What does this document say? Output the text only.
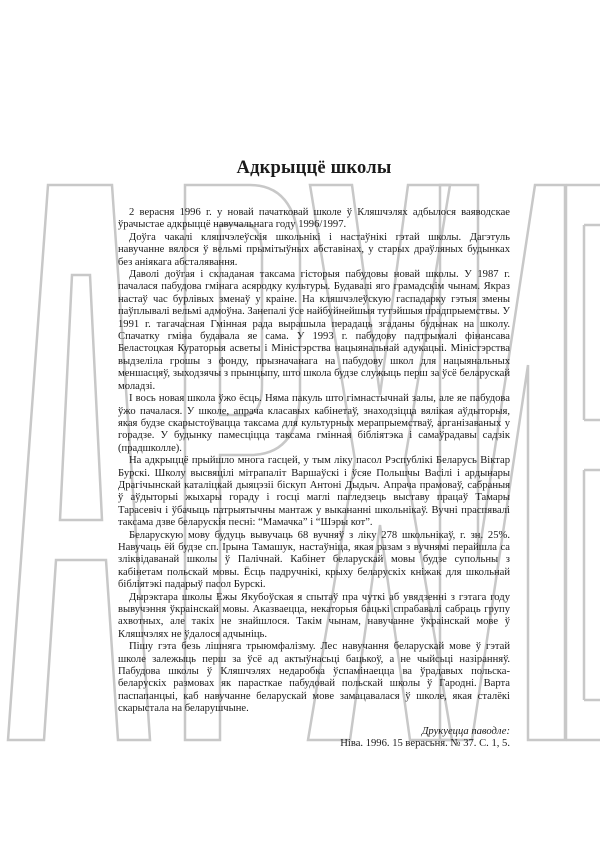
Адкрыццё школы

2 верасня 1996 г. у новай пачатковай школе ў Кляшчэлях адбылося ваяводскае ўрачыстае адкрыццё навучальнага году 1996/1997.

Доўга чакалі кляшчэлеўскія школьнікі і настаўнікі гэтай школы. Дагэтуль навучанне вялося ў вельмі прымітыўных абставінах, у старых драўляных будынках без аніякага абсталявання.

Даволі доўгая і складаная таксама гісторыя пабудовы новай школы. У 1987 г. пачалася пабудова гмінага асяродку культуры. Будавалі яго грамадскім чынам. Якраз настаў час бурлівых зменаў у краіне. На кляшчэлеўскую гаспадарку гэтыя змены паўплывалі вельмі адмоўна. Занепалі ўсе найбуйнейшыя тутэйшыя прадпрыемствы. У 1991 г. тагачасная Гмінная рада вырашыла перадаць згаданы будынак на школу. Спачатку гміна будавала яе сама. У 1993 г. пабудову падтрымалі фінансава Беластоцкая Кураторыя асветы і Міністэрства нацыянальнай адукацыі. Міністэрства выдзеліла грошы з фонду, прызначанага на пабудову школ для нацыянальных меншасцяў, зыходзячы з прынцыпу, што школа будзе служыць перш за ўсё беларускай моладзі.

І вось новая школа ўжо ёсць. Няма пакуль што гімнастычнай залы, але яе пабудова ўжо пачалася. У школе, апрача класавых кабінетаў, знаходзіцца вялікая аўдыторыя, якая будзе скарыстоўвацца таксама для культурных мерапрыемстваў, арганізаваных у горадзе. У будынку памесціцца таксама гмінная бібліятэка і самаўрадавы садзік (прадшколле).

На адкрыццё прыйшло многа гасцей, у тым ліку пасол Рэспублікі Беларусь Віктар Бурскі. Школу высвяцілі мітрапаліт Варшаўскі і ўсяе Польшчы Васілі і ардынары Драгічынскай каталіцкай дыяцэзіі біскуп Антоні Дыдыч. Апрача прамоваў, сабраныя ў аўдыторыі жыхары гораду і госці маглі пагледзець выставу працаў Тамары Тарасевіч і ўбачыць патрыятычны мантаж у выкананні школьнікаў. Вучні праспявалі таксама дзве беларускія песні: “Мамачка” і “Шэры кот”.

Беларускую мову будуць вывучаць 68 вучняў з ліку 278 школьнікаў, г. зн. 25%. Навучаць ёй будзе сп. Ірына Тамашук, настаўніца, якая разам з вучнямі перайшла са зліквідаванай школы ў Палічнай. Кабінет беларускай мовы будзе супольны з кабінетам польскай мовы. Ёсць падручнікі, крыху беларускіх кніжак для школьнай бібліятэкі падарыў пасол Бурскі.

Дырэктара школы Ежы Якубоўская я спытаў пра чуткі аб увядзенні з гэтага году вывучэння ўкраінскай мовы. Аказваецца, некаторыя бацькі спрабавалі сабраць групу ахвотных, але такіх не знайшлося. Такім чынам, навучанне ўкраінскай мове ў Кляшчэлях не ўдалося адчыніць.

Пішу гэта безь лішняга трыюмфалізму. Лес навучання беларускай мове ў гэтай школе залежыць перш за ўсё ад актыўнасьці бацькоў, а не чыйсьці назіранняў. Пабудова школы ў Кляшчэлях недаробка ўспамінаецца ва ўрадавых польска-беларускіх размовах як парасткае пабудовай польскай школы ў Гародні. Варта паспапанцыі, каб навучанне беларускай мове замацавалася ў школе, якая сталёкі скарыстала на беларушчыне.

Друкуецца паводле:
Ніва. 1996. 15 верасьня. № 37. С. 1, 5.
